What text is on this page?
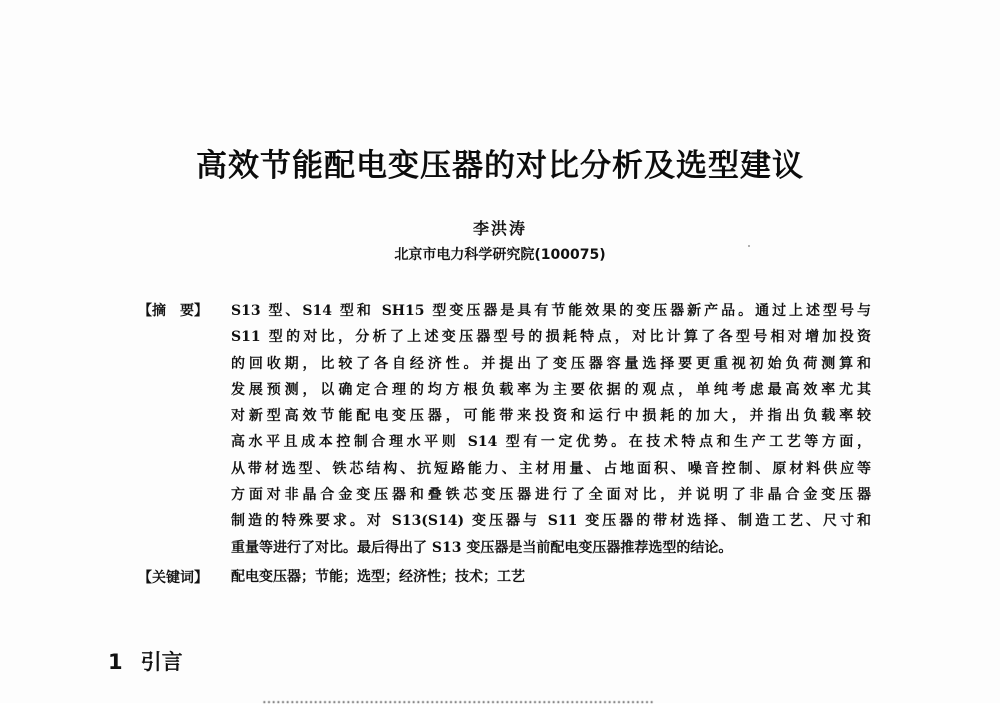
高效节能配电变压器的对比分析及选型建议
李洪涛
北京市电力科学研究院(100075)
【摘　要】 S13 型、S14 型和 SH15 型变压器是具有节能效果的变压器新产品。通过上述型号与
S11 型的对比，分析了上述变压器型号的损耗特点，对比计算了各型号相对增加投资
的回收期，比较了各自经济性。并提出了变压器容量选择要更重视初始负荷测算和
发展预测，以确定合理的均方根负载率为主要依据的观点，单纯考虑最高效率尤其
对新型高效节能配电变压器，可能带来投资和运行中损耗的加大，并指出负载率较
高水平且成本控制合理水平则 S14 型有一定优势。在技术特点和生产工艺等方面，
从带材选型、铁芯结构、抗短路能力、主材用量、占地面积、噪音控制、原材料供应等
方面对非晶合金变压器和叠铁芯变压器进行了全面对比，并说明了非晶合金变压器
制造的特殊要求。对 S13(S14) 变压器与 S11 变压器的带材选择、制造工艺、尺寸和
重量等进行了对比。最后得出了 S13 变压器是当前配电变压器推荐选型的结论。
【关键词】 配电变压器；节能；选型；经济性；技术；工艺
1 引言
…………………………………………………………………………
